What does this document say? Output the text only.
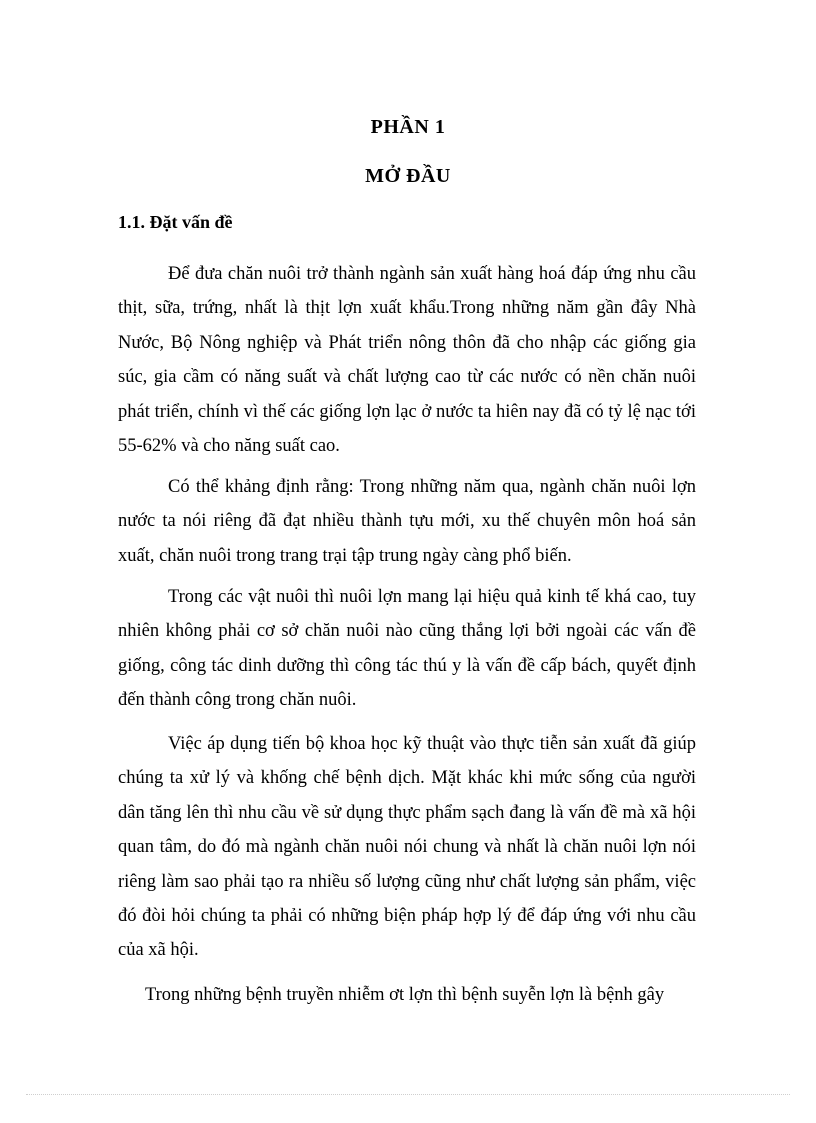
PHẦN 1
MỞ ĐẦU
1.1. Đặt vấn đề

Để đưa chăn nuôi trở thành ngành sản xuất hàng hoá đáp ứng nhu cầu thịt, sữa, trứng, nhất là thịt lợn xuất khẩu.Trong những năm gần đây Nhà Nước, Bộ Nông nghiệp và Phát triển nông thôn đã cho nhập các giống gia súc, gia cầm có năng suất và chất lượng cao từ các nước có nền chăn nuôi phát triển, chính vì thế các giống lợn lạc ở nước ta hiên nay đã có tỷ lệ nạc tới 55-62% và cho năng suất cao.

Có thể khảng định rằng: Trong những năm qua, ngành chăn nuôi lợn nước ta nói riêng đã đạt nhiều thành tựu mới, xu thế chuyên môn hoá sản xuất, chăn nuôi trong trang trại tập trung ngày càng phổ biến.

Trong các vật nuôi thì nuôi lợn mang lại hiệu quả kinh tế khá cao, tuy nhiên không phải cơ sở chăn nuôi nào cũng thắng lợi bởi ngoài các vấn đề giống, công tác dinh dưỡng thì công tác thú y là vấn đề cấp bách, quyết định đến thành công trong chăn nuôi.

Việc áp dụng tiến bộ khoa học kỹ thuật vào thực tiễn sản xuất đã giúp chúng ta xử lý và khống chế bệnh dịch. Mặt khác khi mức sống của người dân tăng lên thì nhu cầu về sử dụng thực phẩm sạch đang là vấn đề mà xã hội quan tâm, do đó mà ngành chăn nuôi nói chung và nhất là chăn nuôi lợn nói riêng làm sao phải tạo ra nhiều số lượng cũng như chất lượng sản phẩm, việc đó đòi hỏi chúng ta phải có những biện pháp hợp lý để đáp ứng với nhu cầu của xã hội.

Trong những bệnh truyền nhiễm ơt lợn thì bệnh suyễn lợn là bệnh gây
